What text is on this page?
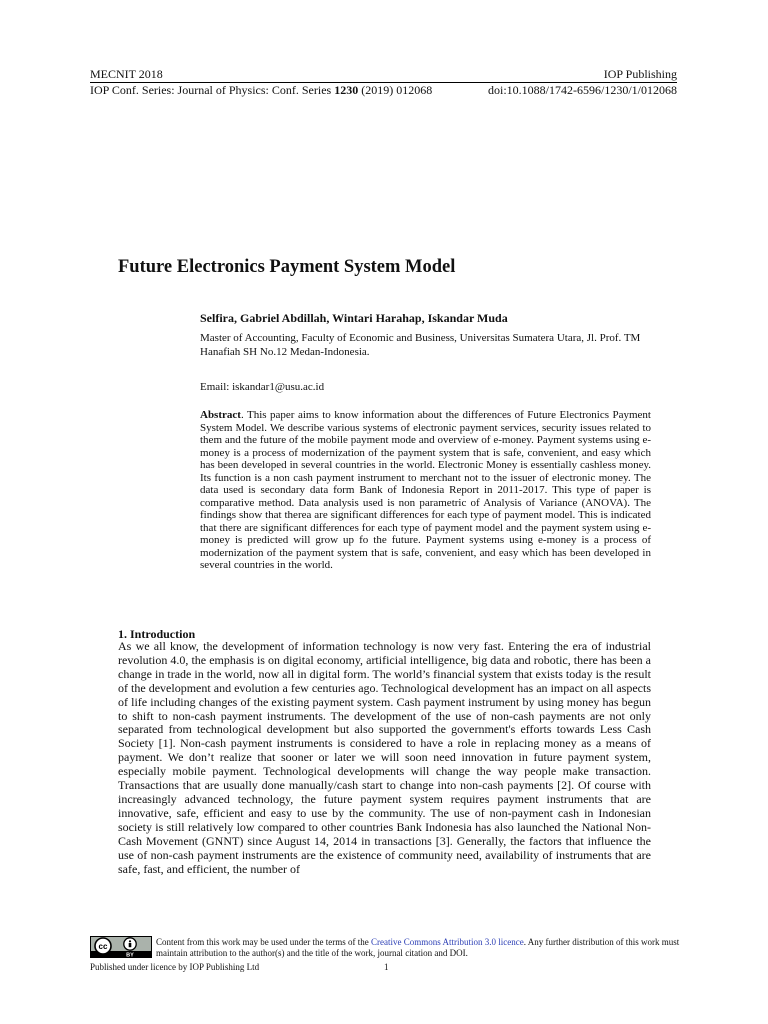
MECNIT 2018	IOP Publishing
IOP Conf. Series: Journal of Physics: Conf. Series 1230 (2019) 012068	doi:10.1088/1742-6596/1230/1/012068
Future Electronics Payment System Model
Selfira, Gabriel Abdillah, Wintari Harahap, Iskandar Muda
Master of Accounting, Faculty of Economic and Business, Universitas Sumatera Utara, Jl. Prof. TM Hanafiah SH No.12 Medan-Indonesia.
Email: iskandar1@usu.ac.id
Abstract. This paper aims to know information about the differences of Future Electronics Payment System Model. We describe various systems of electronic payment services, security issues related to them and the future of the mobile payment mode and overview of e-money. Payment systems using e-money is a process of modernization of the payment system that is safe, convenient, and easy which has been developed in several countries in the world. Electronic Money is essentially cashless money. Its function is a non cash payment instrument to merchant not to the issuer of electronic money. The data used is secondary data form Bank of Indonesia Report in 2011-2017. This type of paper is comparative method. Data analysis used is non parametric of Analysis of Variance (ANOVA). The findings show that therea are significant differences for each type of payment model. This is indicated that there are significant differences for each type of payment model and the payment system using e-money is predicted will grow up fo the future. Payment systems using e-money is a process of modernization of the payment system that is safe, convenient, and easy which has been developed in several countries in the world.
1. Introduction
As we all know, the development of information technology is now very fast. Entering the era of industrial revolution 4.0, the emphasis is on digital economy, artificial intelligence, big data and robotic, there has been a change in trade in the world, now all in digital form. The world’s financial system that exists today is the result of the development and evolution a few centuries ago. Technological development has an impact on all aspects of life including changes of the existing payment system. Cash payment instrument by using money has begun to shift to non-cash payment instruments. The development of the use of non-cash payments are not only separated from technological development but also supported the government's efforts towards Less Cash Society [1]. Non-cash payment instruments is considered to have a role in replacing money as a means of payment. We don’t realize that sooner or later we will soon need innovation in future payment system, especially mobile payment. Technological developments will change the way people make transaction. Transactions that are usually done manually/cash start to change into non-cash payments [2]. Of course with increasingly advanced technology, the future payment system requires payment instruments that are innovative, safe, efficient and easy to use by the community. The use of non-payment cash in Indonesian society is still relatively low compared to other countries Bank Indonesia has also launched the National Non-Cash Movement (GNNT) since August 14, 2014 in transactions [3]. Generally, the factors that influence the use of non-cash payment instruments are the existence of community need, availability of instruments that are safe, fast, and efficient, the number of
cc
BY
Content from this work may be used under the terms of the Creative Commons Attribution 3.0 licence. Any further distribution of this work must maintain attribution to the author(s) and the title of the work, journal citation and DOI.
Published under licence by IOP Publishing Ltd	1
